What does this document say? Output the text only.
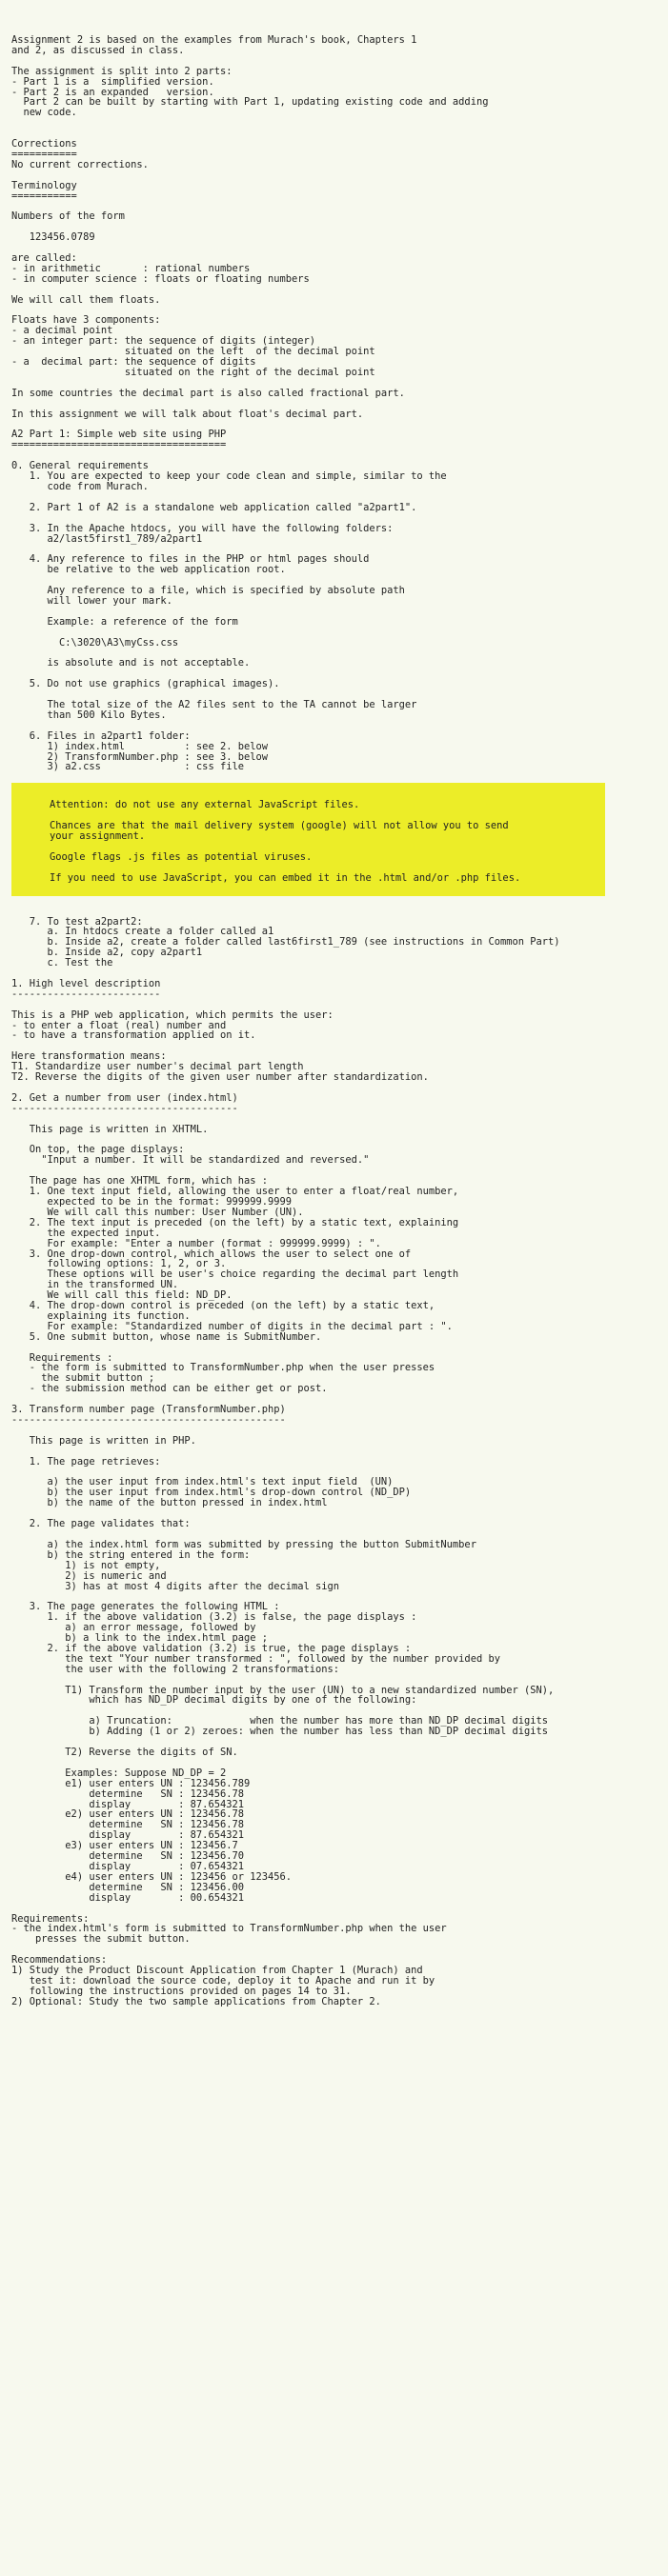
Assignment 2 is based on the examples from Murach's book, Chapters 1
and 2, as discussed in class.

The assignment is split into 2 parts:
- Part 1 is a  simplified version.
- Part 2 is an expanded   version.
Part 2 can be built by starting with Part 1, updating existing code and adding
new code.

Corrections
===========
No current corrections.

Terminology
===========

Numbers of the form

123456.0789

are called:
- in arithmetic       : rational numbers
- in computer science : floats or floating numbers

We will call them floats.

Floats have 3 components:
- a decimal point
- an integer part: the sequence of digits (integer)
situated on the left  of the decimal point
- a  decimal part: the sequence of digits
situated on the right of the decimal point

In some countries the decimal part is also called fractional part.

In this assignment we will talk about float's decimal part.

A2 Part 1: Simple web site using PHP
====================================

0. General requirements
1. You are expected to keep your code clean and simple, similar to the
code from Murach.

2. Part 1 of A2 is a standalone web application called "a2part1".

3. In the Apache htdocs, you will have the following folders:
a2/last5first1_789/a2part1

4. Any reference to files in the PHP or html pages should
be relative to the web application root.

Any reference to a file, which is specified by absolute path
will lower your mark.

Example: a reference of the form

C:\3020\A3\myCss.css

is absolute and is not acceptable.

5. Do not use graphics (graphical images).

The total size of the A2 files sent to the TA cannot be larger
than 500 Kilo Bytes.

6. Files in a2part1 folder:
1) index.html          : see 2. below
2) TransformNumber.php : see 3. below
3) a2.css              : css file
Attention: do not use any external JavaScript files.

Chances are that the mail delivery system (google) will not allow you to send
your assignment.

Google flags .js files as potential viruses.

If you need to use JavaScript, you can embed it in the .html and/or .php files.

7. To test a2part2:
a. In htdocs create a folder called a1
b. Inside a2, create a folder called last6first1_789 (see instructions in Common Part)
b. Inside a2, copy a2part1
c. Test the

1. High level description
-------------------------

This is a PHP web application, which permits the user:
- to enter a float (real) number and
- to have a transformation applied on it.

Here transformation means:
T1. Standardize user number's decimal part length
T2. Reverse the digits of the given user number after standardization.

2. Get a number from user (index.html)
--------------------------------------

This page is written in XHTML.

On top, the page displays:
"Input a number. It will be standardized and reversed."

The page has one XHTML form, which has :
1. One text input field, allowing the user to enter a float/real number,
expected to be in the format: 999999.9999
We will call this number: User Number (UN).
2. The text input is preceded (on the left) by a static text, explaining
the expected input.
For example: "Enter a number (format : 999999.9999) : ".
3. One drop-down control, which allows the user to select one of
following options: 1, 2, or 3.
These options will be user's choice regarding the decimal part length
in the transformed UN.
We will call this field: ND_DP.
4. The drop-down control is preceded (on the left) by a static text,
explaining its function.
For example: "Standardized number of digits in the decimal part : ".
5. One submit button, whose name is SubmitNumber.

Requirements :
- the form is submitted to TransformNumber.php when the user presses
the submit button ;
- the submission method can be either get or post.

3. Transform number page (TransformNumber.php)
----------------------------------------------

This page is written in PHP.

1. The page retrieves:

a) the user input from index.html's text input field  (UN)
b) the user input from index.html's drop-down control (ND_DP)
b) the name of the button pressed in index.html

2. The page validates that:

a) the index.html form was submitted by pressing the button SubmitNumber
b) the string entered in the form:
1) is not empty,
2) is numeric and
3) has at most 4 digits after the decimal sign

3. The page generates the following HTML :
1. if the above validation (3.2) is false, the page displays :
a) an error message, followed by
b) a link to the index.html page ;
2. if the above validation (3.2) is true, the page displays :
the text "Your number transformed : ", followed by the number provided by
the user with the following 2 transformations:

T1) Transform the number input by the user (UN) to a new standardized number (SN),
which has ND_DP decimal digits by one of the following:

a) Truncation:             when the number has more than ND_DP decimal digits
b) Adding (1 or 2) zeroes: when the number has less than ND_DP decimal digits

T2) Reverse the digits of SN.

Examples: Suppose ND_DP = 2
e1) user enters UN : 123456.789
determine   SN : 123456.78
display        : 87.654321
e2) user enters UN : 123456.78
determine   SN : 123456.78
display        : 87.654321
e3) user enters UN : 123456.7
determine   SN : 123456.70
display        : 07.654321
e4) user enters UN : 123456 or 123456.
determine   SN : 123456.00
display        : 00.654321

Requirements:
- the index.html's form is submitted to TransformNumber.php when the user
presses the submit button.

Recommendations:
1) Study the Product Discount Application from Chapter 1 (Murach) and
test it: download the source code, deploy it to Apache and run it by
following the instructions provided on pages 14 to 31.
2) Optional: Study the two sample applications from Chapter 2.
